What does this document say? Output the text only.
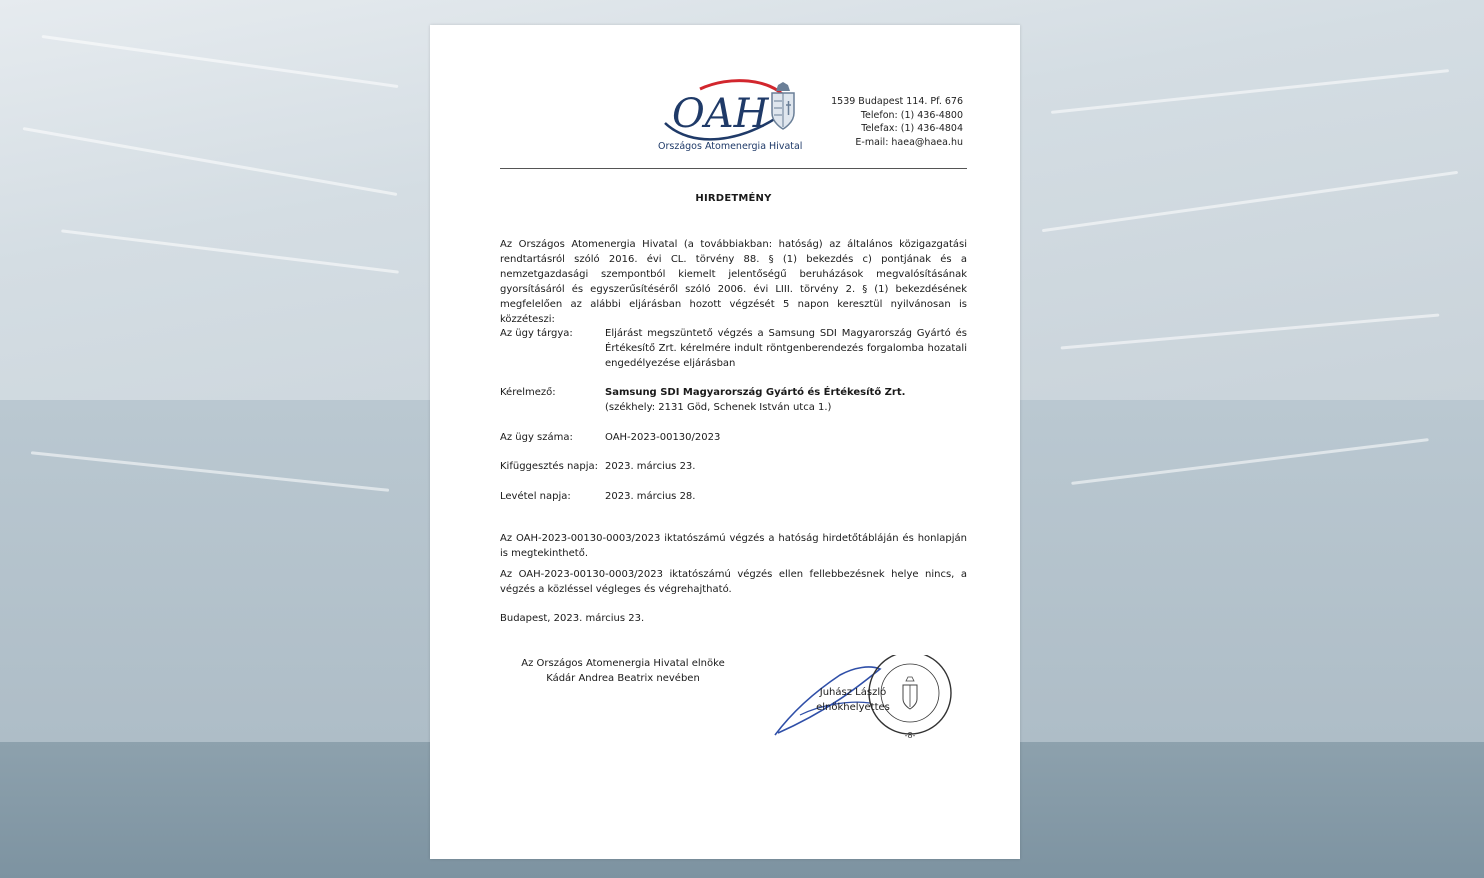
OAH
Országos Atomenergia Hivatal
1539 Budapest 114. Pf. 676
Telefon: (1) 436-4800
Telefax: (1) 436-4804
E-mail: haea@haea.hu
HIRDETMÉNY
Az Országos Atomenergia Hivatal (a továbbiakban: hatóság) az általános közigazgatási rendtartásról szóló 2016. évi CL. törvény 88. § (1) bekezdés c) pontjának és a nemzetgazdasági szempontból kiemelt jelentőségű beruházások megvalósításának gyorsításáról és egyszerűsítéséről szóló 2006. évi LIII. törvény 2. § (1) bekezdésének megfelelően az alábbi eljárásban hozott végzését 5 napon keresztül nyilvánosan is közzéteszi:
Az ügy tárgya:	Eljárást megszüntető végzés a Samsung SDI Magyarország Gyártó és Értékesítő Zrt. kérelmére indult röntgenberendezés forgalomba hozatali engedélyezése eljárásban
Kérelmező:	Samsung SDI Magyarország Gyártó és Értékesítő Zrt.
(székhely: 2131 Göd, Schenek István utca 1.)
Az ügy száma:	OAH-2023-00130/2023
Kifüggesztés napja: 2023. március 23.
Levétel napja:	2023. március 28.
Az OAH-2023-00130-0003/2023 iktatószámú végzés a hatóság hirdetőtábláján és honlapján is megtekinthető.
Az OAH-2023-00130-0003/2023 iktatószámú végzés ellen fellebbezésnek helye nincs, a végzés a közléssel végleges és végrehajtható.
Budapest, 2023. március 23.
Az Országos Atomenergia Hivatal elnöke
Kádár Andrea Beatrix nevében
-8-
Juhász László
elnökhelyettes
